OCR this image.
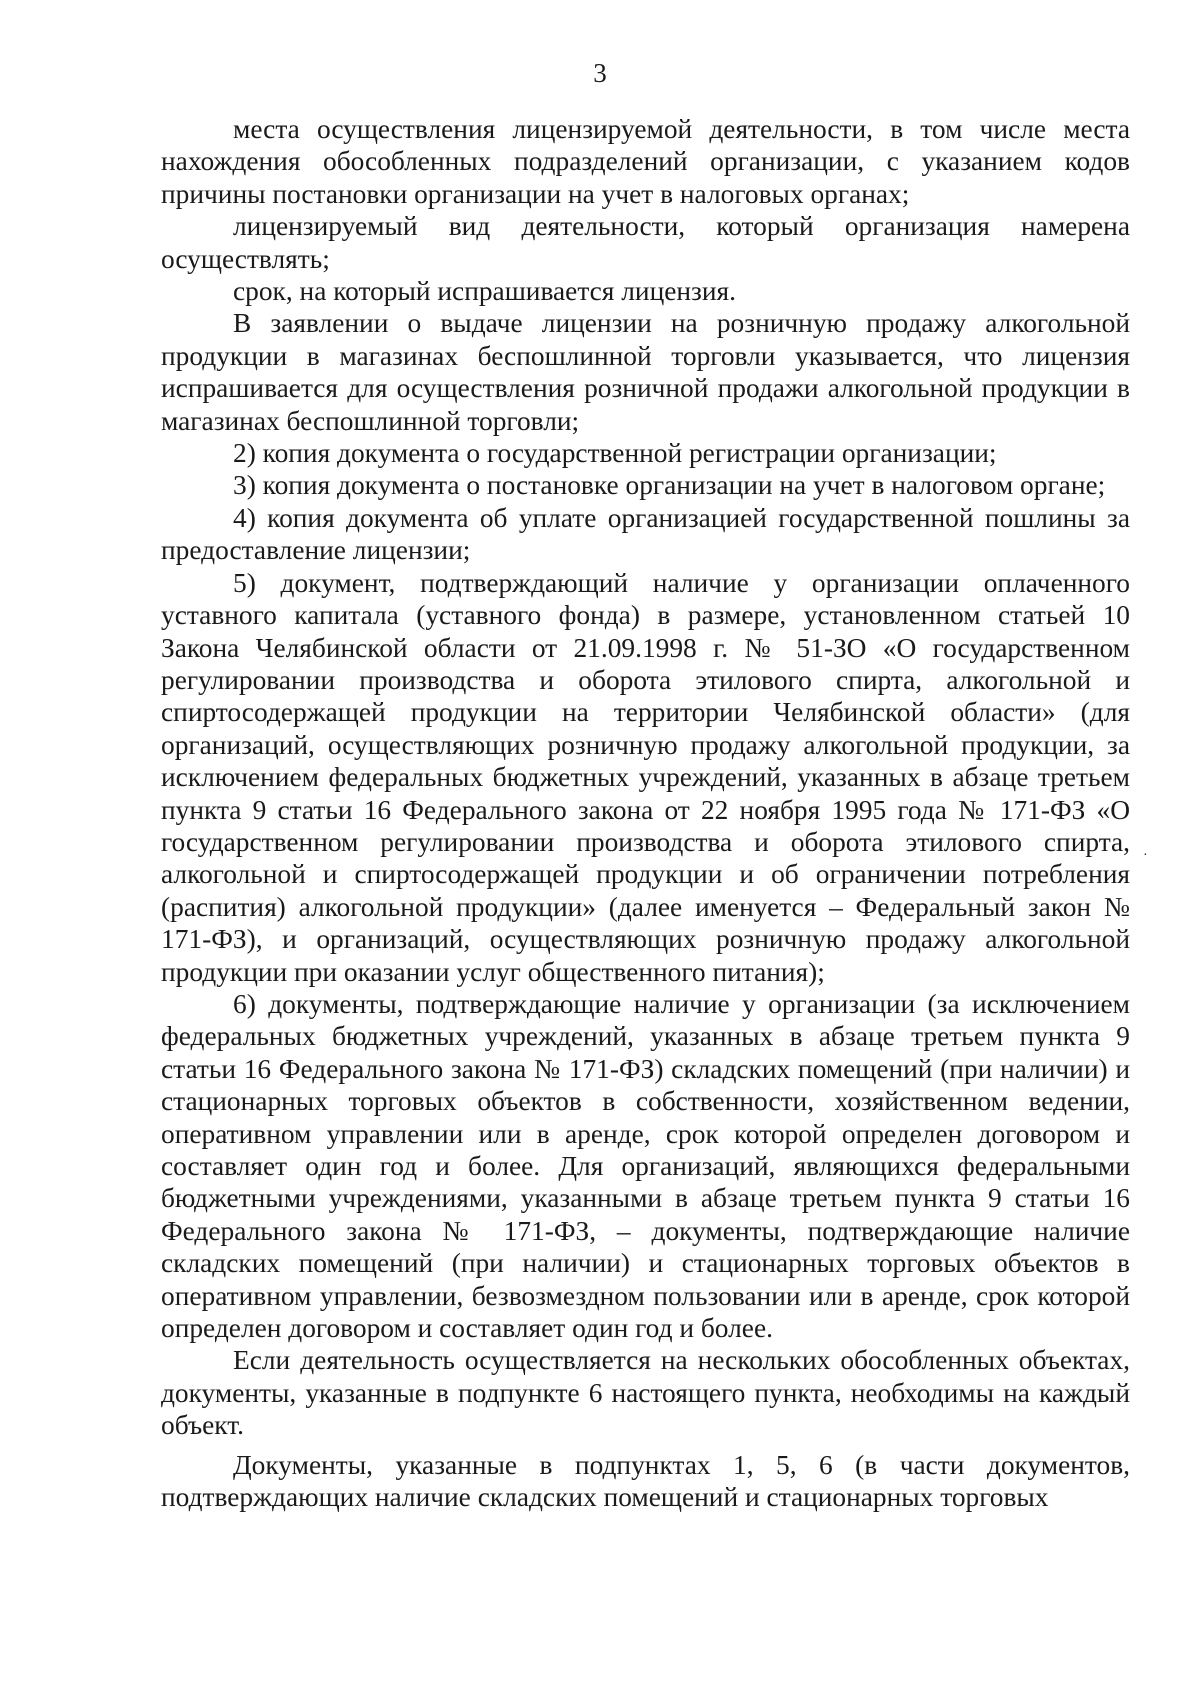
3

места осуществления лицензируемой деятельности, в том числе места нахождения обособленных подразделений организации, с указанием кодов причины постановки организации на учет в налоговых органах;

лицензируемый вид деятельности, который организация намерена осуществлять;

срок, на который испрашивается лицензия.

В заявлении о выдаче лицензии на розничную продажу алкогольной продукции в магазинах беспошлинной торговли указывается, что лицензия испрашивается для осуществления розничной продажи алкогольной продукции в магазинах беспошлинной торговли;

2) копия документа о государственной регистрации организации;

3) копия документа о постановке организации на учет в налоговом органе;

4) копия документа об уплате организацией государственной пошлины за предоставление лицензии;

5) документ, подтверждающий наличие у организации оплаченного уставного капитала (уставного фонда) в размере, установленном статьей 10 Закона Челябинской области от 21.09.1998 г. № 51-ЗО «О государственном регулировании производства и оборота этилового спирта, алкогольной и спиртосодержащей продукции на территории Челябинской области» (для организаций, осуществляющих розничную продажу алкогольной продукции, за исключением федеральных бюджетных учреждений, указанных в абзаце третьем пункта 9 статьи 16 Федерального закона от 22 ноября 1995 года № 171-ФЗ «О государственном регулировании производства и оборота этилового спирта, алкогольной и спиртосодержащей продукции и об ограничении потребления (распития) алкогольной продукции» (далее именуется – Федеральный закон № 171-ФЗ), и организаций, осуществляющих розничную продажу алкогольной продукции при оказании услуг общественного питания);

6) документы, подтверждающие наличие у организации (за исключением федеральных бюджетных учреждений, указанных в абзаце третьем пункта 9 статьи 16 Федерального закона № 171-ФЗ) складских помещений (при наличии) и стационарных торговых объектов в собственности, хозяйственном ведении, оперативном управлении или в аренде, срок которой определен договором и составляет один год и более. Для организаций, являющихся федеральными бюджетными учреждениями, указанными в абзаце третьем пункта 9 статьи 16 Федерального закона № 171-ФЗ, – документы, подтверждающие наличие складских помещений (при наличии) и стационарных торговых объектов в оперативном управлении, безвозмездном пользовании или в аренде, срок которой определен договором и составляет один год и более.

Если деятельность осуществляется на нескольких обособленных объектах, документы, указанные в подпункте 6 настоящего пункта, необходимы на каждый объект.

Документы, указанные в подпунктах 1, 5, 6 (в части документов, подтверждающих наличие складских помещений и стационарных торговых

·
